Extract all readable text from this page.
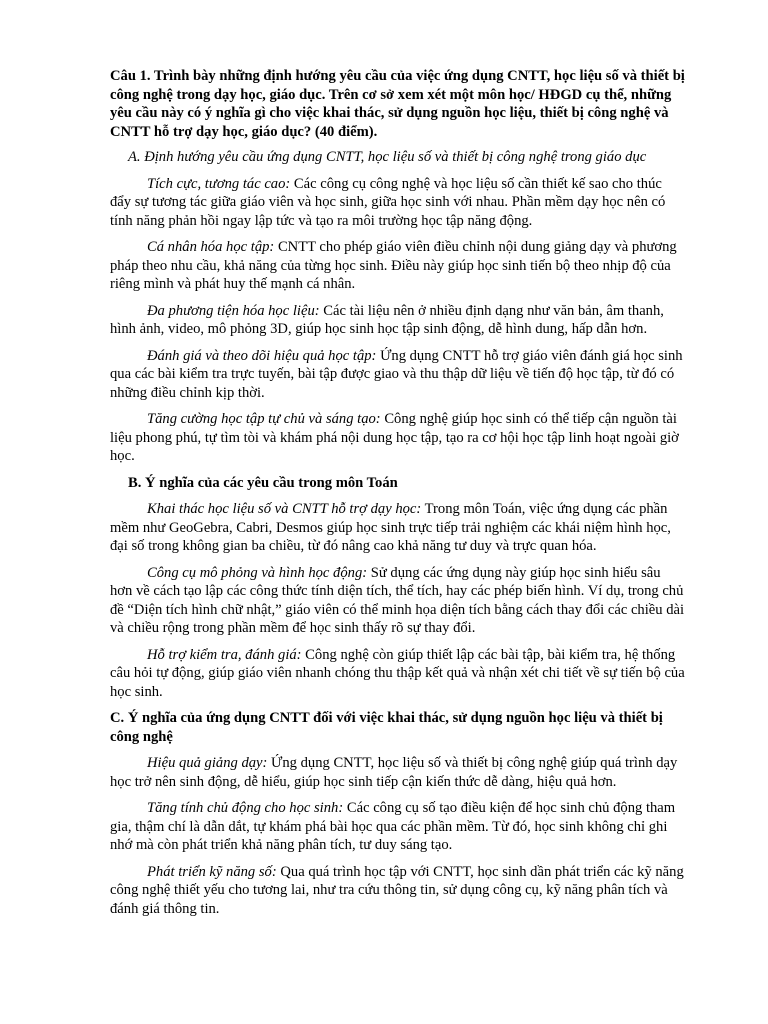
Câu 1. Trình bày những định hướng yêu cầu của việc ứng dụng CNTT, học liệu số và thiết bị công nghệ trong dạy học, giáo dục. Trên cơ sở xem xét một môn học/ HĐGD cụ thể, những yêu cầu này có ý nghĩa gì cho việc khai thác, sử dụng nguồn học liệu, thiết bị công nghệ và CNTT hỗ trợ dạy học, giáo dục? (40 điểm).

A. Định hướng yêu cầu ứng dụng CNTT, học liệu số và thiết bị công nghệ trong giáo dục

Tích cực, tương tác cao: Các công cụ công nghệ và học liệu số cần thiết kế sao cho thúc đẩy sự tương tác giữa giáo viên và học sinh, giữa học sinh với nhau. Phần mềm dạy học nên có tính năng phản hồi ngay lập tức và tạo ra môi trường học tập năng động.

Cá nhân hóa học tập: CNTT cho phép giáo viên điều chỉnh nội dung giảng dạy và phương pháp theo nhu cầu, khả năng của từng học sinh. Điều này giúp học sinh tiến bộ theo nhịp độ của riêng mình và phát huy thế mạnh cá nhân.

Đa phương tiện hóa học liệu: Các tài liệu nên ở nhiều định dạng như văn bản, âm thanh, hình ảnh, video, mô phỏng 3D, giúp học sinh học tập sinh động, dễ hình dung, hấp dẫn hơn.

Đánh giá và theo dõi hiệu quả học tập: Ứng dụng CNTT hỗ trợ giáo viên đánh giá học sinh qua các bài kiểm tra trực tuyến, bài tập được giao và thu thập dữ liệu về tiến độ học tập, từ đó có những điều chỉnh kịp thời.

Tăng cường học tập tự chủ và sáng tạo: Công nghệ giúp học sinh có thể tiếp cận nguồn tài liệu phong phú, tự tìm tòi và khám phá nội dung học tập, tạo ra cơ hội học tập linh hoạt ngoài giờ học.

B. Ý nghĩa của các yêu cầu trong môn Toán

Khai thác học liệu số và CNTT hỗ trợ dạy học: Trong môn Toán, việc ứng dụng các phần mềm như GeoGebra, Cabri, Desmos giúp học sinh trực tiếp trải nghiệm các khái niệm hình học, đại số trong không gian ba chiều, từ đó nâng cao khả năng tư duy và trực quan hóa.

Công cụ mô phỏng và hình học động: Sử dụng các ứng dụng này giúp học sinh hiểu sâu hơn về cách tạo lập các công thức tính diện tích, thể tích, hay các phép biến hình. Ví dụ, trong chủ đề “Diện tích hình chữ nhật,” giáo viên có thể minh họa diện tích bằng cách thay đổi các chiều dài và chiều rộng trong phần mềm để học sinh thấy rõ sự thay đổi.

Hỗ trợ kiểm tra, đánh giá: Công nghệ còn giúp thiết lập các bài tập, bài kiểm tra, hệ thống câu hỏi tự động, giúp giáo viên nhanh chóng thu thập kết quả và nhận xét chi tiết về sự tiến bộ của học sinh.

C. Ý nghĩa của ứng dụng CNTT đối với việc khai thác, sử dụng nguồn học liệu và thiết bị công nghệ

Hiệu quả giảng dạy: Ứng dụng CNTT, học liệu số và thiết bị công nghệ giúp quá trình dạy học trở nên sinh động, dễ hiểu, giúp học sinh tiếp cận kiến thức dễ dàng, hiệu quả hơn.

Tăng tính chủ động cho học sinh: Các công cụ số tạo điều kiện để học sinh chủ động tham gia, thậm chí là dẫn dắt, tự khám phá bài học qua các phần mềm. Từ đó, học sinh không chỉ ghi nhớ mà còn phát triển khả năng phân tích, tư duy sáng tạo.

Phát triển kỹ năng số: Qua quá trình học tập với CNTT, học sinh dần phát triển các kỹ năng công nghệ thiết yếu cho tương lai, như tra cứu thông tin, sử dụng công cụ, kỹ năng phân tích và đánh giá thông tin.
